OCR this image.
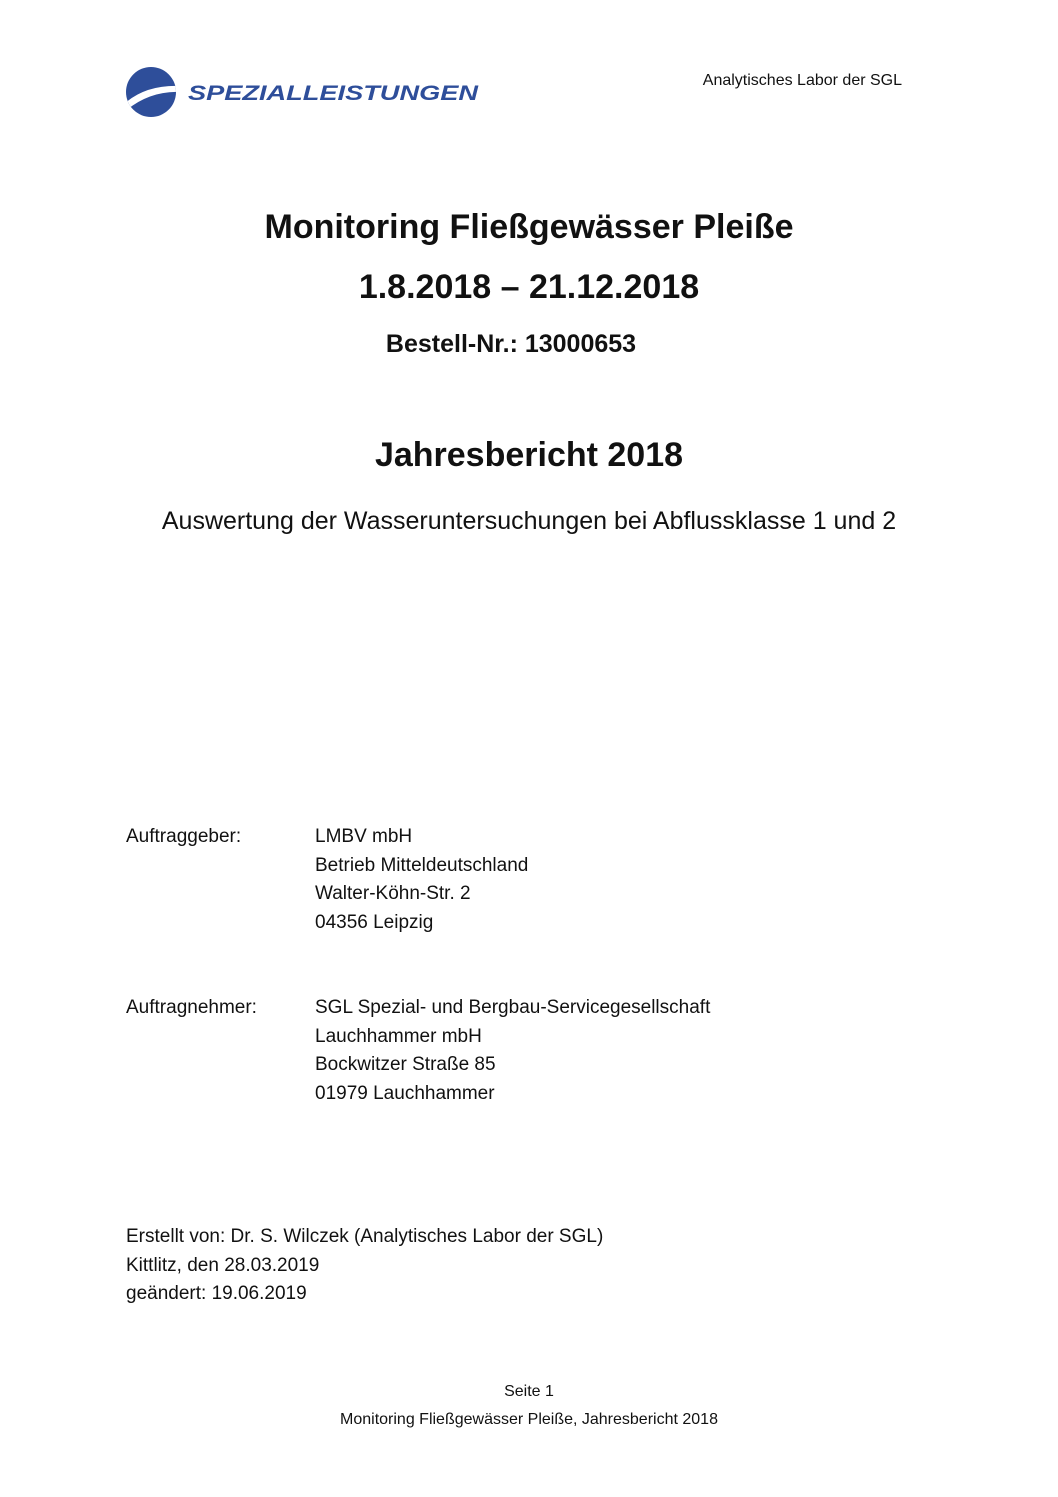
SPEZIALLEISTUNGEN
Analytisches Labor der SGL
Monitoring Fließgewässer Pleiße
1.8.2018 – 21.12.2018
Bestell-Nr.: 13000653
Jahresbericht 2018
Auswertung der Wasseruntersuchungen bei Abflussklasse 1 und 2
Auftraggeber:	LMBV mbH
Betrieb Mitteldeutschland
Walter-Köhn-Str. 2
04356 Leipzig
Auftragnehmer:	SGL Spezial- und Bergbau-Servicegesellschaft
Lauchhammer mbH
Bockwitzer Straße 85
01979 Lauchhammer
Erstellt von: Dr. S. Wilczek (Analytisches Labor der SGL)
Kittlitz, den 28.03.2019
geändert: 19.06.2019
Seite 1
Monitoring Fließgewässer Pleiße, Jahresbericht 2018
